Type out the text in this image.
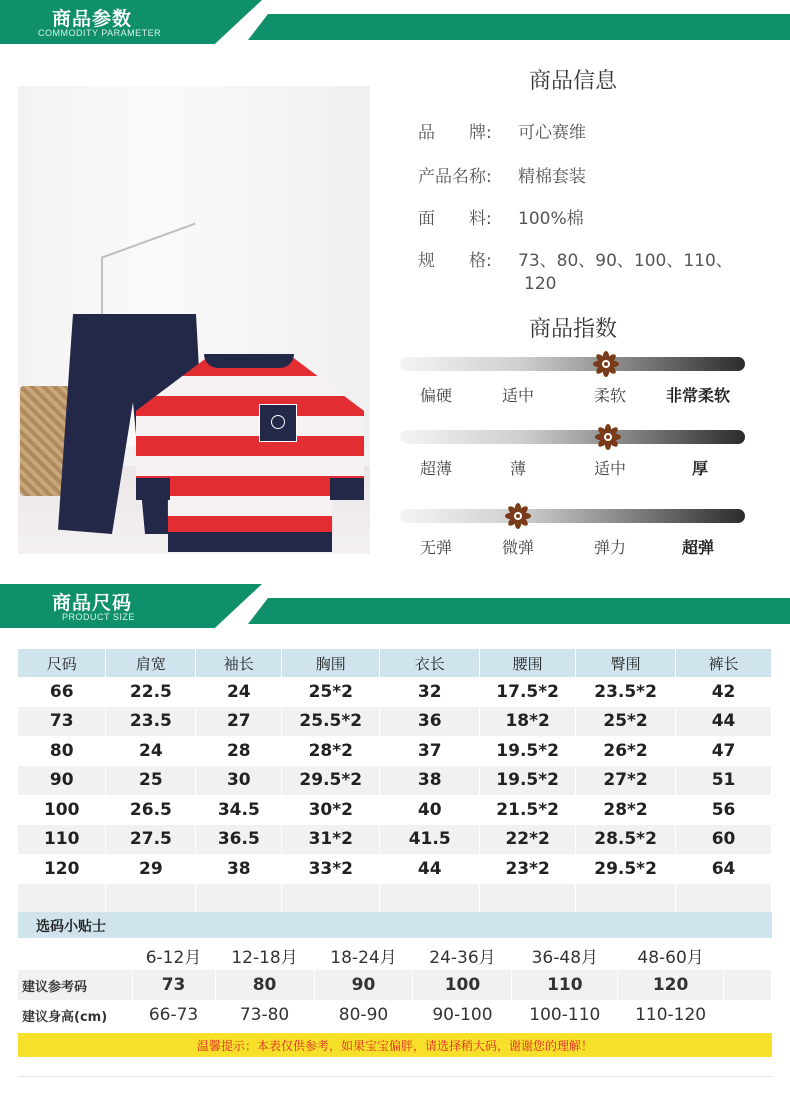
商品参数
COMMODITY PARAMETER
商品信息
品　　牌: 可心赛维
产品名称: 精棉套装
面　　料: 100%棉
规　　格: 73、80、90、100、110、
120
商品指数
偏硬	适中	柔软	非常柔软
超薄	薄	适中	厚
无弹	微弹	弹力	超弹
商品尺码
PRODUCT SIZE
尺码	肩宽	袖长	胸围	衣长	腰围	臀围	裤长
66	22.5	24	25*2	32	17.5*2	23.5*2	42
73	23.5	27	25.5*2	36	18*2	25*2	44
80	24	28	28*2	37	19.5*2	26*2	47
90	25	30	29.5*2	38	19.5*2	27*2	51
100	26.5	34.5	30*2	40	21.5*2	28*2	56
110	27.5	36.5	31*2	41.5	22*2	28.5*2	60
120	29	38	33*2	44	23*2	29.5*2	64

选码小贴士
	6-12月	12-18月	18-24月	24-36月	36-48月	48-60月	
建议参考码	73	80	90	100	110	120	
建议身高(cm)	66-73	73-80	80-90	90-100	100-110	110-120	
温馨提示：本表仅供参考，如果宝宝偏胖，请选择稍大码，谢谢您的理解！
